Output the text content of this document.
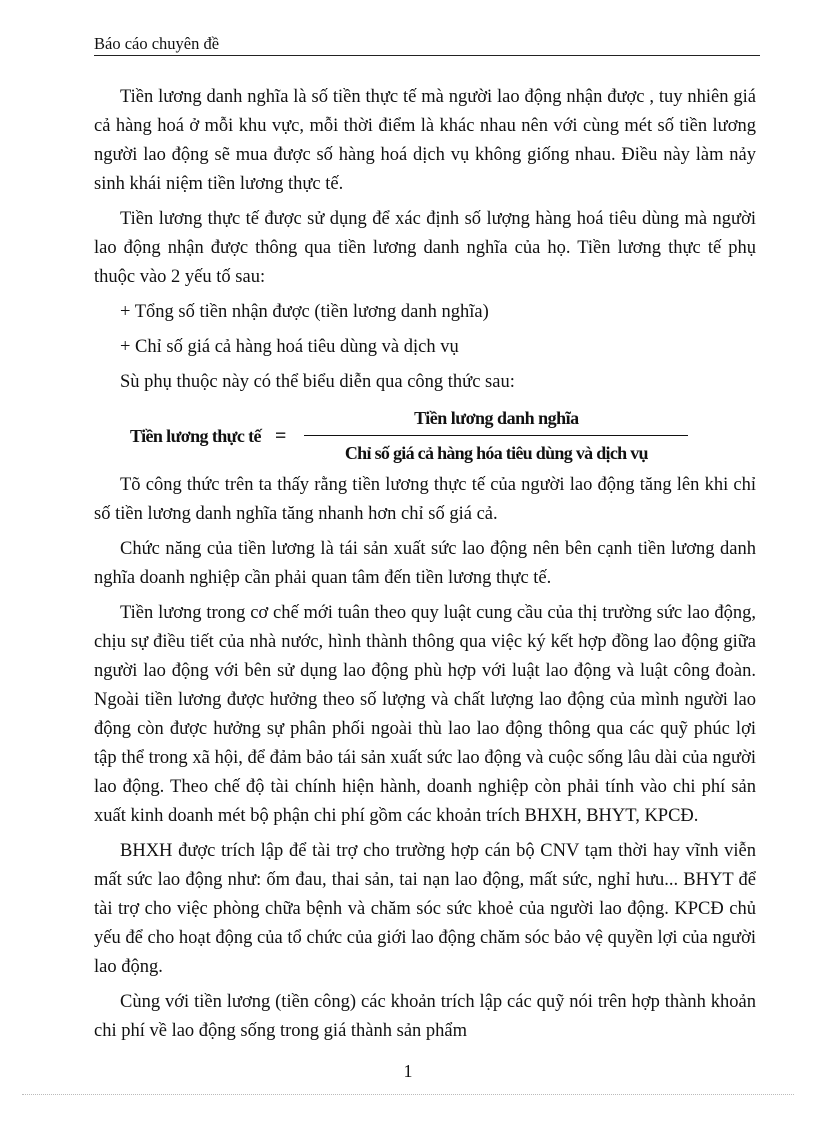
Báo cáo chuyên đề

Tiền lương danh nghĩa là số tiền thực tế mà người lao động nhận được , tuy nhiên giá cả hàng hoá ở mỗi khu vực, mỗi thời điểm là khác nhau nên với cùng mét số tiền lương người lao động sẽ mua được số hàng hoá dịch vụ không giống nhau. Điều này làm nảy sinh khái niệm tiền lương thực tế.

Tiền lương thực tế được sử dụng để xác định số lượng hàng hoá tiêu dùng mà người lao động nhận được thông qua tiền lương danh nghĩa của họ. Tiền lương thực tế phụ thuộc vào 2 yếu tố sau:

+ Tổng số tiền nhận được (tiền lương danh nghĩa)

+ Chỉ số giá cả hàng hoá tiêu dùng và dịch vụ

Sù phụ thuộc này có thể biểu diễn qua công thức sau:

Tiền lương thực tế = $\frac{\text{Tiền lương danh nghĩa}}{\text{Chỉ số giá cả hàng hóa tiêu dùng và dịch vụ}}$

Tõ công thức trên ta thấy rằng tiền lương thực tế của người lao động tăng lên khi chỉ số tiền lương danh nghĩa tăng nhanh hơn chỉ số giá cả.

Chức năng của tiền lương là tái sản xuất sức lao động nên bên cạnh tiền lương danh nghĩa doanh nghiệp cần phải quan tâm đến tiền lương thực tế.

Tiền lương trong cơ chế mới tuân theo quy luật cung cầu của thị trường sức lao động, chịu sự điều tiết của nhà nước, hình thành thông qua việc ký kết hợp đồng lao động giữa người lao động với bên sử dụng lao động phù hợp với luật lao động và luật công đoàn. Ngoài tiền lương được hưởng theo số lượng và chất lượng lao động của mình người lao động còn được hưởng sự phân phối ngoài thù lao lao động thông qua các quỹ phúc lợi tập thể trong xã hội, để đảm bảo tái sản xuất sức lao động và cuộc sống lâu dài của người lao động. Theo chế độ tài chính hiện hành, doanh nghiệp còn phải tính vào chi phí sản xuất kinh doanh mét bộ phận chi phí gồm các khoản trích BHXH, BHYT, KPCĐ.

BHXH được trích lập để tài trợ cho trường hợp cán bộ CNV tạm thời hay vĩnh viễn mất sức lao động như: ốm đau, thai sản, tai nạn lao động, mất sức, nghỉ hưu... BHYT để tài trợ cho việc phòng chữa bệnh và chăm sóc sức khoẻ của người lao động. KPCĐ chủ yếu để cho hoạt động của tổ chức của giới lao động chăm sóc bảo vệ quyền lợi của người lao động.

Cùng với tiền lương (tiền công) các khoản trích lập các quỹ nói trên hợp thành khoản chi phí về lao động sống trong giá thành sản phẩm

1
